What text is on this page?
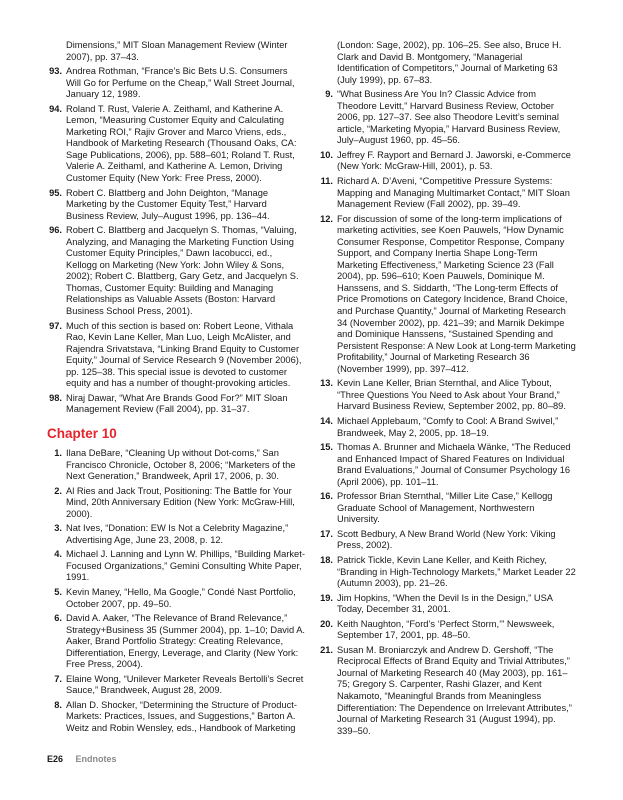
Dimensions,” MIT Sloan Management Review (Winter 2007), pp. 37–43.
93. Andrea Rothman, “France’s Bic Bets U.S. Consumers Will Go for Perfume on the Cheap,” Wall Street Journal, January 12, 1989.
94. Roland T. Rust, Valerie A. Zeithaml, and Katherine A. Lemon, “Measuring Customer Equity and Calculating Marketing ROI,” Rajiv Grover and Marco Vriens, eds., Handbook of Marketing Research (Thousand Oaks, CA: Sage Publications, 2006), pp. 588–601; Roland T. Rust, Valerie A. Zeithaml, and Katherine A. Lemon, Driving Customer Equity (New York: Free Press, 2000).
95. Robert C. Blattberg and John Deighton, “Manage Marketing by the Customer Equity Test,” Harvard Business Review, July–August 1996, pp. 136–44.
96. Robert C. Blattberg and Jacquelyn S. Thomas, “Valuing, Analyzing, and Managing the Marketing Function Using Customer Equity Principles,” Dawn Iacobucci, ed., Kellogg on Marketing (New York: John Wiley & Sons, 2002); Robert C. Blattberg, Gary Getz, and Jacquelyn S. Thomas, Customer Equity: Building and Managing Relationships as Valuable Assets (Boston: Harvard Business School Press, 2001).
97. Much of this section is based on: Robert Leone, Vithala Rao, Kevin Lane Keller, Man Luo, Leigh McAlister, and Rajendra Srivatstava, “Linking Brand Equity to Customer Equity,” Journal of Service Research 9 (November 2006), pp. 125–38. This special issue is devoted to customer equity and has a number of thought-provoking articles.
98. Niraj Dawar, “What Are Brands Good For?” MIT Sloan Management Review (Fall 2004), pp. 31–37.
Chapter 10
1. Ilana DeBare, “Cleaning Up without Dot-coms,” San Francisco Chronicle, October 8, 2006; “Marketers of the Next Generation,” Brandweek, April 17, 2006, p. 30.
2. Al Ries and Jack Trout, Positioning: The Battle for Your Mind, 20th Anniversary Edition (New York: McGraw-Hill, 2000).
3. Nat Ives, “Donation: EW Is Not a Celebrity Magazine,” Advertising Age, June 23, 2008, p. 12.
4. Michael J. Lanning and Lynn W. Phillips, “Building Market-Focused Organizations,” Gemini Consulting White Paper, 1991.
5. Kevin Maney, “Hello, Ma Google,” Condé Nast Portfolio, October 2007, pp. 49–50.
6. David A. Aaker, “The Relevance of Brand Relevance,” Strategy+Business 35 (Summer 2004), pp. 1–10; David A. Aaker, Brand Portfolio Strategy: Creating Relevance, Differentiation, Energy, Leverage, and Clarity (New York: Free Press, 2004).
7. Elaine Wong, “Unilever Marketer Reveals Bertolli’s Secret Sauce,” Brandweek, August 28, 2009.
8. Allan D. Shocker, “Determining the Structure of Product-Markets: Practices, Issues, and Suggestions,” Barton A. Weitz and Robin Wensley, eds., Handbook of Marketing
(London: Sage, 2002), pp. 106–25. See also, Bruce H. Clark and David B. Montgomery, “Managerial Identification of Competitors,” Journal of Marketing 63 (July 1999), pp. 67–83.
9. “What Business Are You In? Classic Advice from Theodore Levitt,” Harvard Business Review, October 2006, pp. 127–37. See also Theodore Levitt’s seminal article, “Marketing Myopia,” Harvard Business Review, July–August 1960, pp. 45–56.
10. Jeffrey F. Rayport and Bernard J. Jaworski, e-Commerce (New York: McGraw-Hill, 2001), p. 53.
11. Richard A. D’Aveni, “Competitive Pressure Systems: Mapping and Managing Multimarket Contact,” MIT Sloan Management Review (Fall 2002), pp. 39–49.
12. For discussion of some of the long-term implications of marketing activities, see Koen Pauwels, “How Dynamic Consumer Response, Competitor Response, Company Support, and Company Inertia Shape Long-Term Marketing Effectiveness,” Marketing Science 23 (Fall 2004), pp. 596–610; Koen Pauwels, Dominique M. Hanssens, and S. Siddarth, “The Long-term Effects of Price Promotions on Category Incidence, Brand Choice, and Purchase Quantity,” Journal of Marketing Research 34 (November 2002), pp. 421–39; and Marnik Dekimpe and Dominique Hanssens, “Sustained Spending and Persistent Response: A New Look at Long-term Marketing Profitability,” Journal of Marketing Research 36 (November 1999), pp. 397–412.
13. Kevin Lane Keller, Brian Sternthal, and Alice Tybout, “Three Questions You Need to Ask about Your Brand,” Harvard Business Review, September 2002, pp. 80–89.
14. Michael Applebaum, “Comfy to Cool: A Brand Swivel,” Brandweek, May 2, 2005, pp. 18–19.
15. Thomas A. Brunner and Michaela Wänke, “The Reduced and Enhanced Impact of Shared Features on Individual Brand Evaluations,” Journal of Consumer Psychology 16 (April 2006), pp. 101–11.
16. Professor Brian Sternthal, “Miller Lite Case,” Kellogg Graduate School of Management, Northwestern University.
17. Scott Bedbury, A New Brand World (New York: Viking Press, 2002).
18. Patrick Tickle, Kevin Lane Keller, and Keith Richey, “Branding in High-Technology Markets,” Market Leader 22 (Autumn 2003), pp. 21–26.
19. Jim Hopkins, “When the Devil Is in the Design,” USA Today, December 31, 2001.
20. Keith Naughton, “Ford’s ‘Perfect Storm,’” Newsweek, September 17, 2001, pp. 48–50.
21. Susan M. Broniarczyk and Andrew D. Gershoff, “The Reciprocal Effects of Brand Equity and Trivial Attributes,” Journal of Marketing Research 40 (May 2003), pp. 161–75; Gregory S. Carpenter, Rashi Glazer, and Kent Nakamoto, “Meaningful Brands from Meaningless Differentiation: The Dependence on Irrelevant Attributes,” Journal of Marketing Research 31 (August 1994), pp. 339–50.
E26 Endnotes
